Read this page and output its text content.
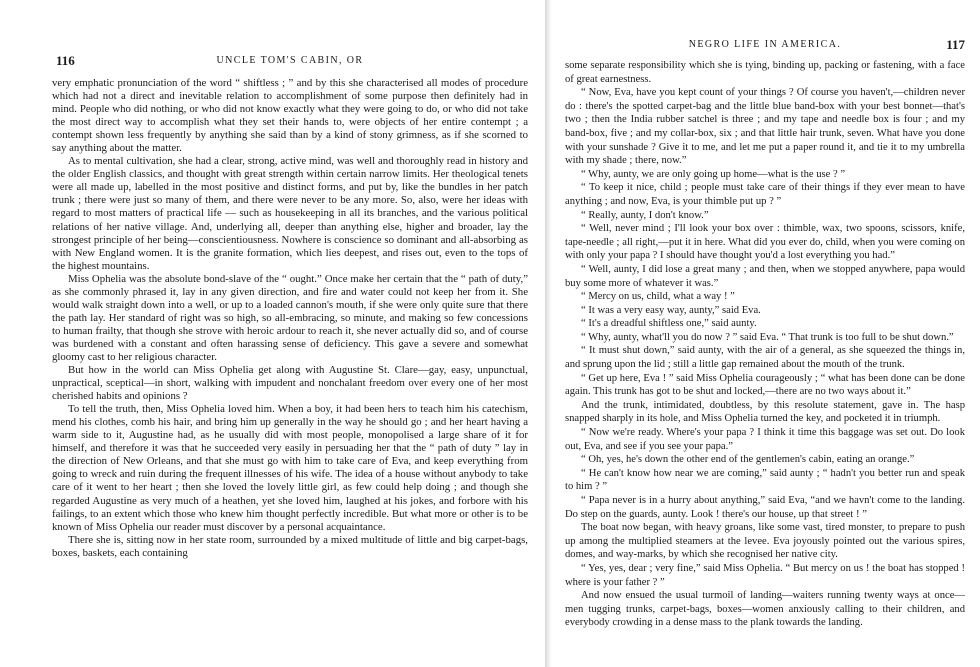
116	UNCLE TOM'S CABIN, OR

very emphatic pronunciation of the word “ shiftless ; ” and by this she characterised all modes of procedure which had not a direct and inevitable relation to accomplishment of some purpose then definitely had in mind. People who did nothing, or who did not know exactly what they were going to do, or who did not take the most direct way to accomplish what they set their hands to, were objects of her entire contempt ; a contempt shown less frequently by anything she said than by a kind of stony grimness, as if she scorned to say anything about the matter.

As to mental cultivation, she had a clear, strong, active mind, was well and thoroughly read in history and the older English classics, and thought with great strength within certain narrow limits. Her theological tenets were all made up, labelled in the most positive and distinct forms, and put by, like the bundles in her patch trunk ; there were just so many of them, and there were never to be any more. So, also, were her ideas with regard to most matters of practical life — such as housekeeping in all its branches, and the various political relations of her native village. And, underlying all, deeper than anything else, higher and broader, lay the strongest principle of her being—conscientiousness. Nowhere is conscience so dominant and all-absorbing as with New England women. It is the granite formation, which lies deepest, and rises out, even to the tops of the highest mountains.

Miss Ophelia was the absolute bond-slave of the “ ought.” Once make her certain that the “ path of duty,” as she commonly phrased it, lay in any given direction, and fire and water could not keep her from it. She would walk straight down into a well, or up to a loaded cannon's mouth, if she were only quite sure that there the path lay. Her standard of right was so high, so all-embracing, so minute, and making so few concessions to human frailty, that though she strove with heroic ardour to reach it, she never actually did so, and of course was burdened with a constant and often harassing sense of deficiency. This gave a severe and somewhat gloomy cast to her religious character.

But how in the world can Miss Ophelia get along with Augustine St. Clare—gay, easy, unpunctual, unpractical, sceptical—in short, walking with impudent and nonchalant freedom over every one of her most cherished habits and opinions ?

To tell the truth, then, Miss Ophelia loved him. When a boy, it had been hers to teach him his catechism, mend his clothes, comb his hair, and bring him up generally in the way he should go ; and her heart having a warm side to it, Augustine had, as he usually did with most people, monopolised a large share of it for himself, and therefore it was that he succeeded very easily in persuading her that the “ path of duty ” lay in the direction of New Orleans, and that she must go with him to take care of Eva, and keep everything from going to wreck and ruin during the frequent illnesses of his wife. The idea of a house without anybody to take care of it went to her heart ; then she loved the lovely little girl, as few could help doing ; and though she regarded Augustine as very much of a heathen, yet she loved him, laughed at his jokes, and forbore with his failings, to an extent which those who knew him thought perfectly incredible. But what more or other is to be known of Miss Ophelia our reader must discover by a personal acquaintance.

There she is, sitting now in her state room, surrounded by a mixed multitude of little and big carpet-bags, boxes, baskets, each containing

NEGRO LIFE IN AMERICA.	117

some separate responsibility which she is tying, binding up, packing or fastening, with a face of great earnestness.

“ Now, Eva, have you kept count of your things ? Of course you haven't,—children never do : there's the spotted carpet-bag and the little blue band-box with your best bonnet—that's two ; then the India rubber satchel is three ; and my tape and needle box is four ; and my band-box, five ; and my collar-box, six ; and that little hair trunk, seven. What have you done with your sunshade ? Give it to me, and let me put a paper round it, and tie it to my umbrella with my shade ; there, now.”

“ Why, aunty, we are only going up home—what is the use ? ”

“ To keep it nice, child ; people must take care of their things if they ever mean to have anything ; and now, Eva, is your thimble put up ? ”

“ Really, aunty, I don't know.”

“ Well, never mind ; I'll look your box over : thimble, wax, two spoons, scissors, knife, tape-needle ; all right,—put it in here. What did you ever do, child, when you were coming on with only your papa ? I should have thought you'd a lost everything you had.”

“ Well, aunty, I did lose a great many ; and then, when we stopped anywhere, papa would buy some more of whatever it was.”

“ Mercy on us, child, what a way ! ”

“ It was a very easy way, aunty,” said Eva.

“ It's a dreadful shiftless one,” said aunty.

“ Why, aunty, what'll you do now ? ” said Eva. “ That trunk is too full to be shut down.”

“ It must shut down,” said aunty, with the air of a general, as she squeezed the things in, and sprung upon the lid ; still a little gap remained about the mouth of the trunk.

“ Get up here, Eva ! ” said Miss Ophelia courageously ; “ what has been done can be done again. This trunk has got to be shut and locked,—there are no two ways about it.”

And the trunk, intimidated, doubtless, by this resolute statement, gave in. The hasp snapped sharply in its hole, and Miss Ophelia turned the key, and pocketed it in triumph.

“ Now we're ready. Where's your papa ? I think it time this baggage was set out. Do look out, Eva, and see if you see your papa.”

“ Oh, yes, he's down the other end of the gentlemen's cabin, eating an orange.”

“ He can't know how near we are coming,” said aunty ; “ hadn't you better run and speak to him ? ”

“ Papa never is in a hurry about anything,” said Eva, “and we havn't come to the landing. Do step on the guards, aunty. Look ! there's our house, up that street ! ”

The boat now began, with heavy groans, like some vast, tired monster, to prepare to push up among the multiplied steamers at the levee. Eva joyously pointed out the various spires, domes, and way-marks, by which she recognised her native city.

“ Yes, yes, dear ; very fine,” said Miss Ophelia. “ But mercy on us ! the boat has stopped ! where is your father ? ”

And now ensued the usual turmoil of landing—waiters running twenty ways at once—men tugging trunks, carpet-bags, boxes—women anxiously calling to their children, and everybody crowding in a dense mass to the plank towards the landing.
